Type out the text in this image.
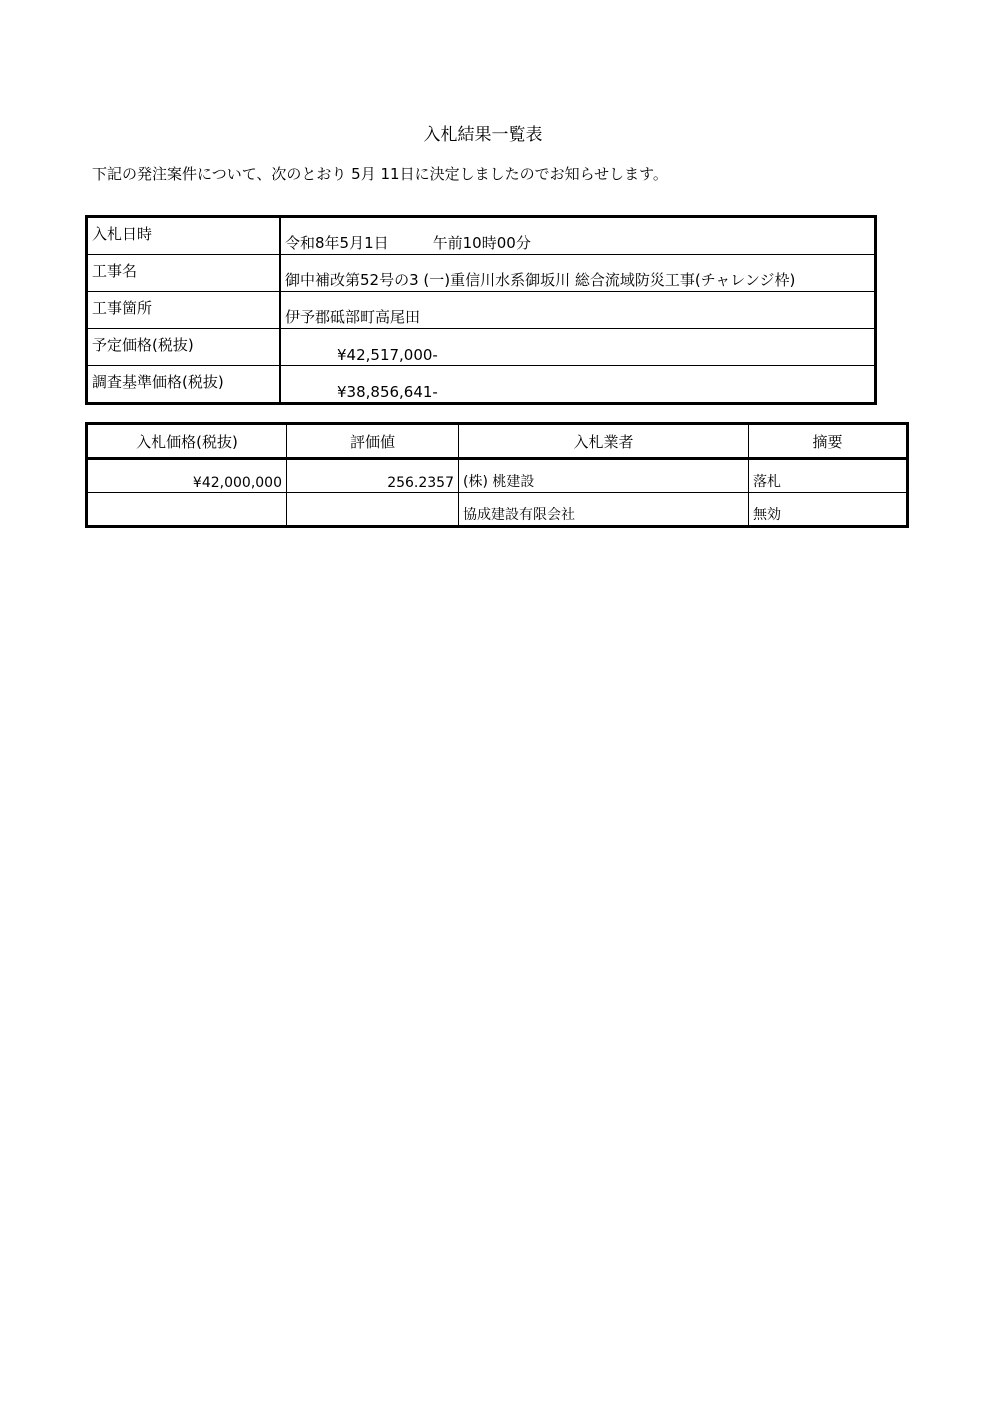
入札結果一覧表
下記の発注案件について、次のとおり 5月 11日に決定しましたのでお知らせします。
入札日時	令和8年5月1日 午前10時00分
工事名	御中補改第52号の3 (一)重信川水系御坂川 総合流域防災工事(チャレンジ枠)
工事箇所	伊予郡砥部町高尾田
予定価格(税抜)	¥42,517,000-
調査基準価格(税抜)	¥38,856,641-
入札価格(税抜)	評価値	入札業者	摘要
¥42,000,000	256.2357	(株) 桃建設	落札
		協成建設有限会社	無効
